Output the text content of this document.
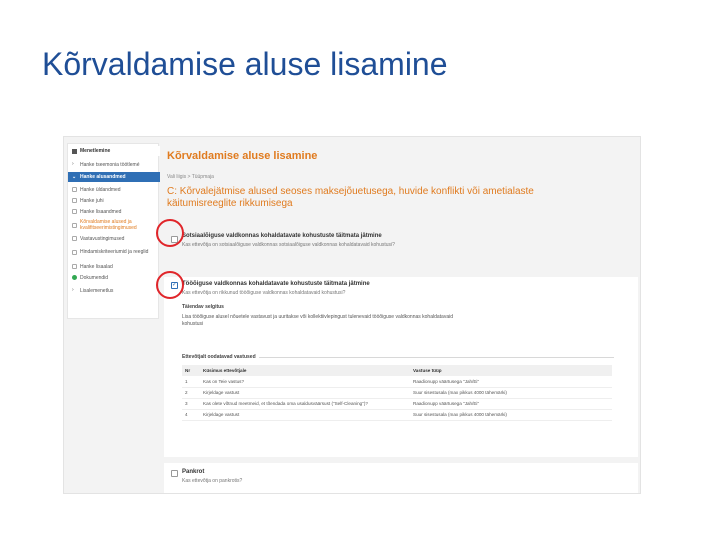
Kõrvaldamise aluse lisamine
Menetlemine
›	Hanke tseemonia töötlemé
⌄ Hanke alusandmed
Hanke üldandmed
Hanke juhi
Hanke lisaandmed
Kõrvaldamise alused ja kvalifitseerimistingimused
Vastavustingimused
Hindamiskriteeriumid ja reeglid
Hanke lisaalad
Dokumendid
›	Lisalemenetlus
Kõrvaldamise aluse lisamine
Vali liigis > Tüüpmaja
C: Kõrvalejätmise alused seoses maksejõuetusega, huvide konflikti või ametialaste käitumisreeglite rikkumisega
Sotsiaalõiguse valdkonnas kohaldatavate kohustuste täitmata jätmine
Kas ettevõtja on sotsiaalõiguse valdkonnas sotsiaalõiguse valdkonnas kohaldatavaid kohustusi?
✓
Tööõiguse valdkonnas kohaldatavate kohustuste täitmata jätmine
Kas ettevõtja on rikkunud tööõiguse valdkonnas kohaldatavaid kohustusi?
Täiendav selgitus
Lisa tööõiguse alusel nõuetele vastavust ja uuritakse või kollektiivlepingust tulenevaid tööõiguse valdkonnas kohaldatavaid kohustusi
Ettevõtjalt oodatavad vastused
Nr	Küsimus ettevõtjale	Vastuse tüüp
1	Kas on Teie vastus?	Raadionupp väärtusega "Jah/Ei"
2	Kirjeldage vastust	Suur sisestusala (max pikkus 4000 tähemärki)
3	Kas olete võtnud meetmeid, et tõendada oma usaldusväärsust ("Self-Cleaning")?	Raadionupp väärtusega "Jah/Ei"
4	Kirjeldage vastust	Suur sisestusala (max pikkus 4000 tähemärki)
Pankrot
Kas ettevõtja on pankrotis?
